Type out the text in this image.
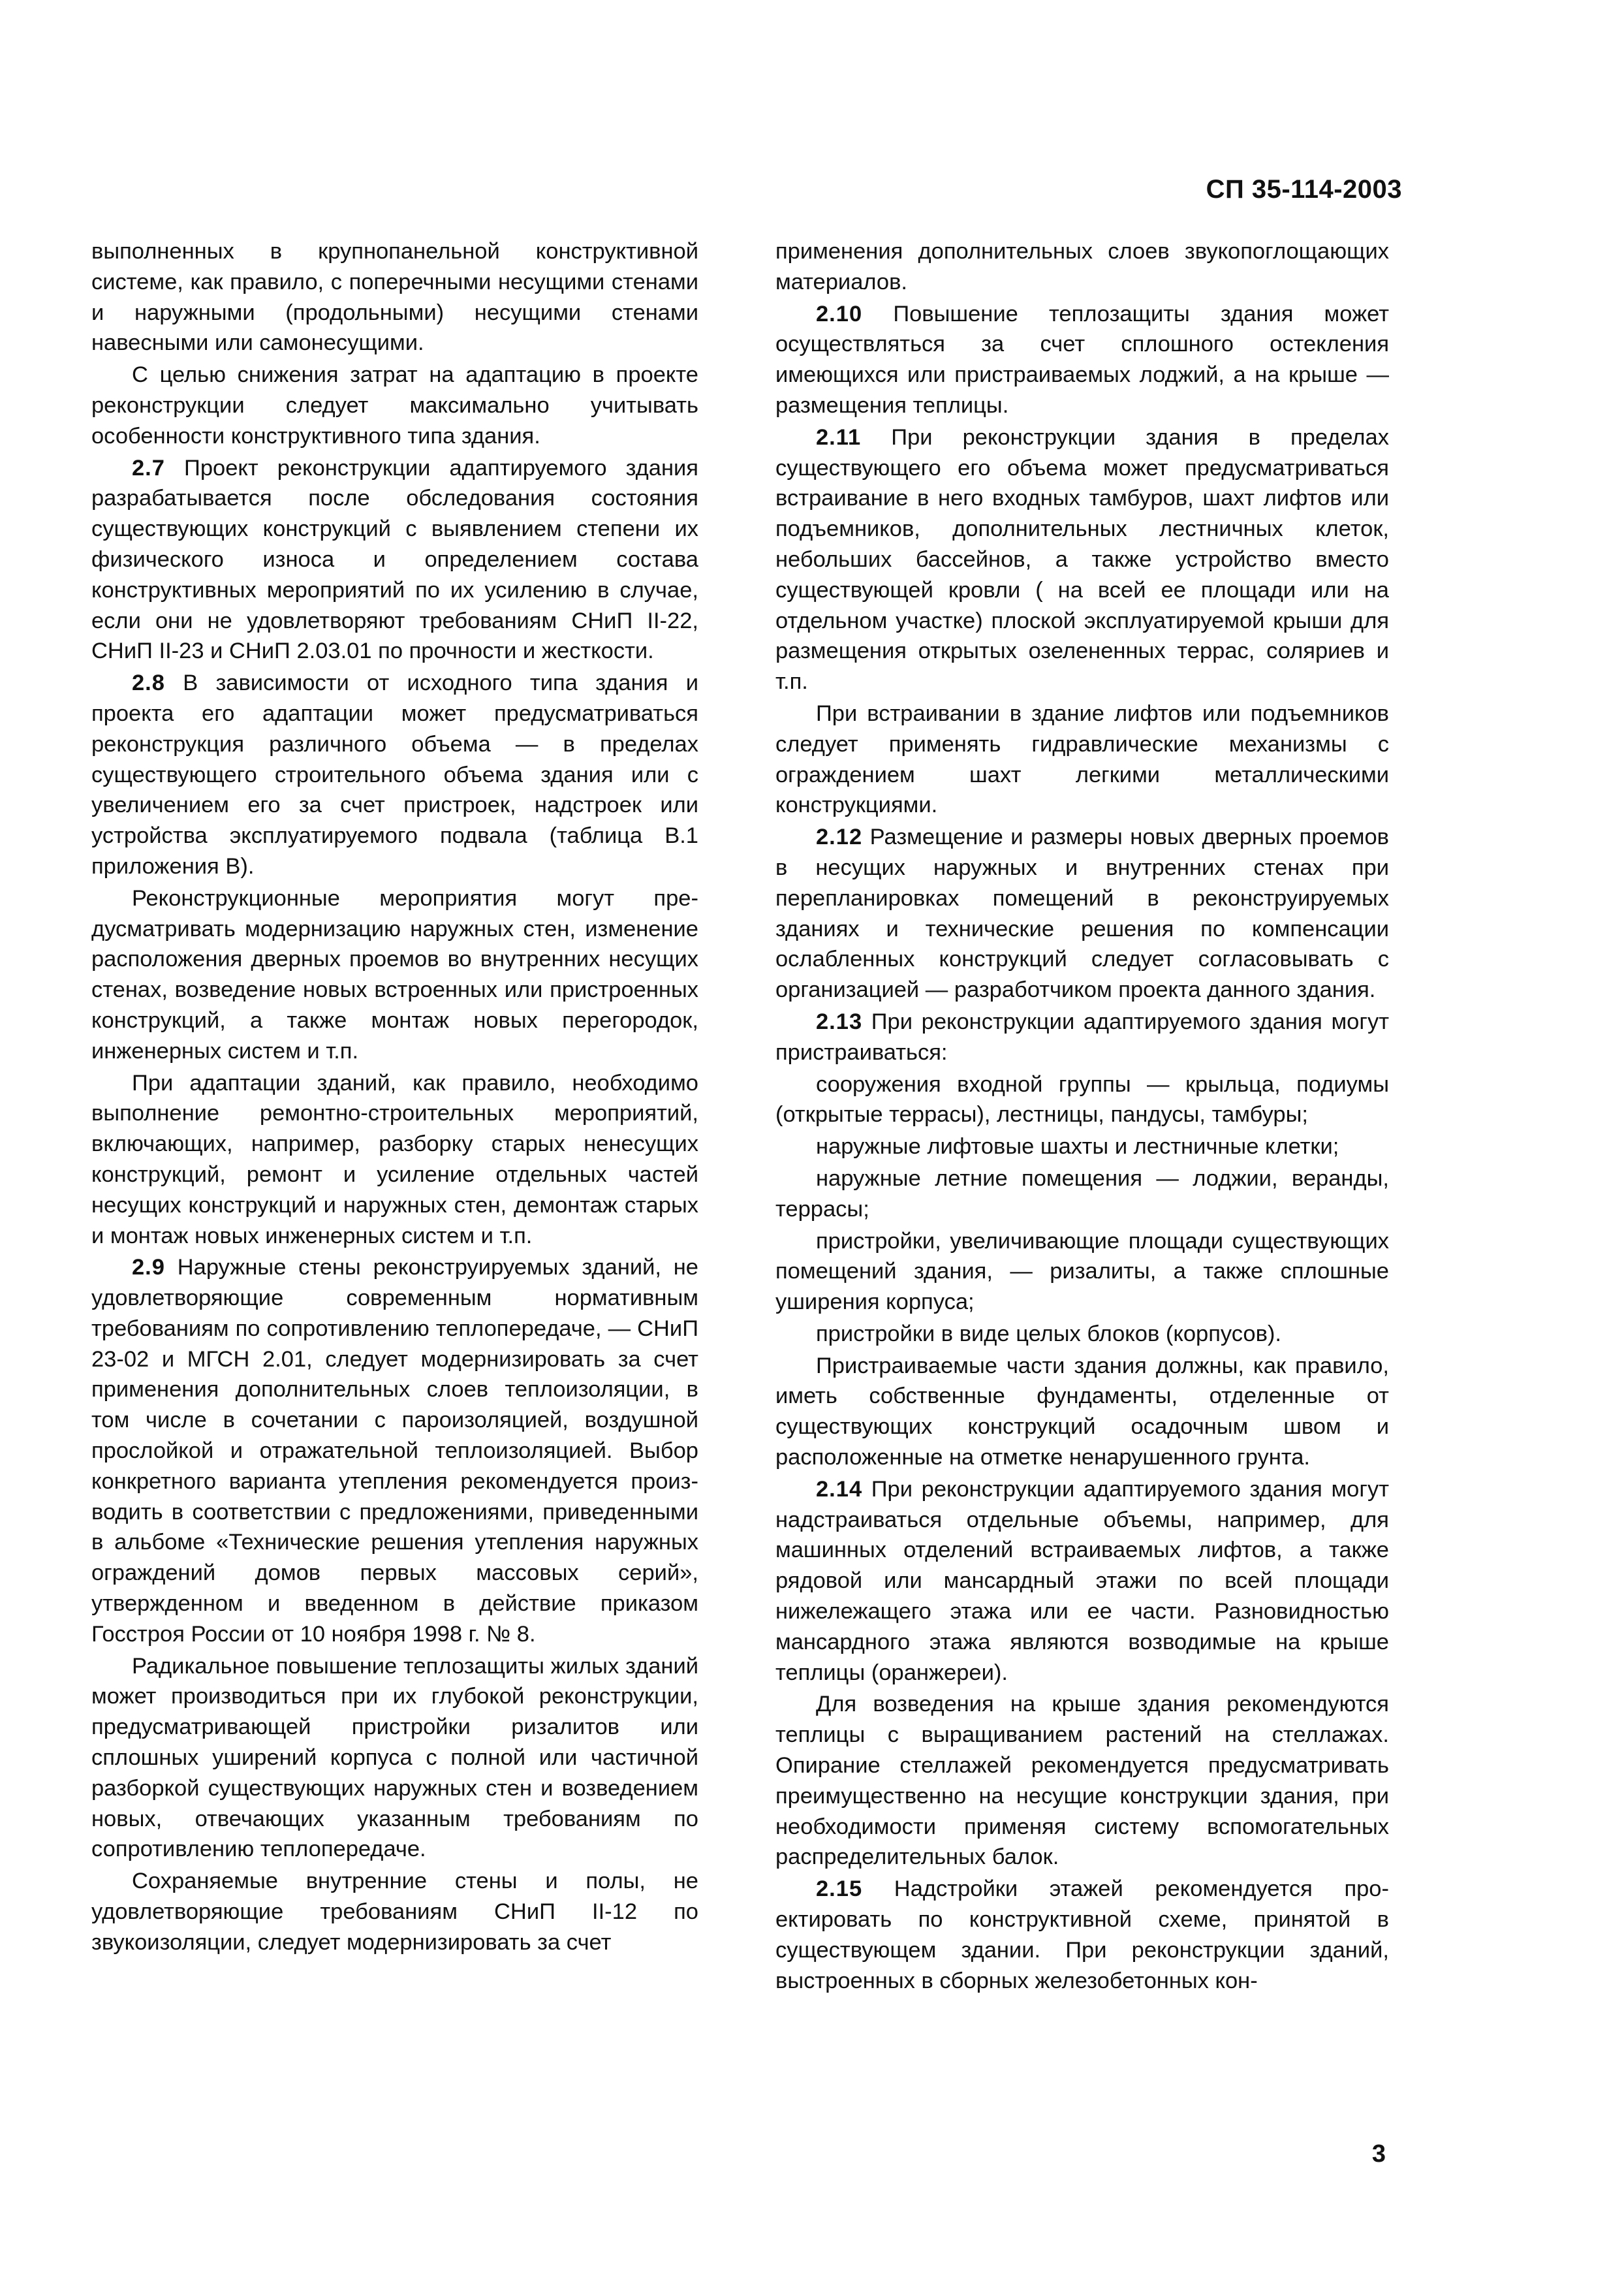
СП 35-114-2003

выполненных в крупнопанельной конструктивной системе, как правило, с поперечными несущими стенами и наружными (продольными) несущими стенами навесными или самонесущими.

С целью снижения затрат на адаптацию в проекте реконструкции следует максимально учитывать особенности конструктивного типа здания.

2.7 Проект реконструкции адаптируемого здания разрабатывается после обследования состояния существующих конструкций с выявлением степени их физического износа и определением состава конструктивных мероприятий по их усилению в случае, если они не удовлетворяют требованиям СНиП II-22, СНиП II-23 и СНиП 2.03.01 по прочности и жесткости.

2.8 В зависимости от исходного типа здания и проекта его адаптации может предусматриваться реконструкция различного объема — в пределах существующего строительного объема здания или с увеличением его за счет пристроек, надстроек или устройства эксплуатируемого подвала (таблица В.1 приложения В).

Реконструкционные мероприятия могут предусматривать модернизацию наружных стен, изменение расположения дверных проемов во внутренних несущих стенах, возведение новых встроенных или пристроенных конструкций, а также монтаж новых перегородок, инженерных систем и т.п.

При адаптации зданий, как правило, необходимо выполнение ремонтно-строительных мероприятий, включающих, например, разборку старых ненесущих конструкций, ремонт и усиление отдельных частей несущих конструкций и наружных стен, демонтаж старых и монтаж новых инженерных систем и т.п.

2.9 Наружные стены реконструируемых зданий, не удовлетворяющие современным нормативным требованиям по сопротивлению теплопередаче, — СНиП 23-02 и МГСН 2.01, следует модернизировать за счет применения дополнительных слоев теплоизоляции, в том числе в сочетании с пароизоляцией, воздушной прослойкой и отражательной теплоизоляцией. Выбор конкретного варианта утепления рекомендуется производить в соответствии с предложениями, приведенными в альбоме «Технические решения утепления наружных ограждений домов первых массовых серий», утвержденном и введенном в действие приказом Госстроя России от 10 ноября 1998 г. № 8.

Радикальное повышение теплозащиты жилых зданий может производиться при их глубокой реконструкции, предусматривающей пристройки ризалитов или сплошных уширений корпуса с полной или частичной разборкой существующих наружных стен и возведением новых, отвечающих указанным требованиям по сопротивлению теплопередаче.

Сохраняемые внутренние стены и полы, не удовлетворяющие требованиям СНиП II-12 по звукоизоляции, следует модернизировать за счет

применения дополнительных слоев звукопоглощающих материалов.

2.10 Повышение теплозащиты здания может осуществляться за счет сплошного остекления имеющихся или пристраиваемых лоджий, а на крыше — размещения теплицы.

2.11 При реконструкции здания в пределах существующего его объема может предусматриваться встраивание в него входных тамбуров, шахт лифтов или подъемников, дополнительных лестничных клеток, небольших бассейнов, а также устройство вместо существующей кровли ( на всей ее площади или на отдельном участке) плоской эксплуатируемой крыши для размещения открытых озелененных террас, соляриев и т.п.

При встраивании в здание лифтов или подъемников следует применять гидравлические механизмы с ограждением шахт легкими металлическими конструкциями.

2.12 Размещение и размеры новых дверных проемов в несущих наружных и внутренних стенах при перепланировках помещений в реконструируемых зданиях и технические решения по компенсации ослабленных конструкций следует согласовывать с организацией — разработчиком проекта данного здания.

2.13 При реконструкции адаптируемого здания могут пристраиваться:

сооружения входной группы — крыльца, подиумы (открытые террасы), лестницы, пандусы, тамбуры;

наружные лифтовые шахты и лестничные клетки;

наружные летние помещения — лоджии, веранды, террасы;

пристройки, увеличивающие площади существующих помещений здания, — ризалиты, а также сплошные уширения корпуса;

пристройки в виде целых блоков (корпусов).

Пристраиваемые части здания должны, как правило, иметь собственные фундаменты, отделенные от существующих конструкций осадочным швом и расположенные на отметке ненарушенного грунта.

2.14 При реконструкции адаптируемого здания могут надстраиваться отдельные объемы, например, для машинных отделений встраиваемых лифтов, а также рядовой или мансардный этажи по всей площади нижележащего этажа или ее части. Разновидностью мансардного этажа являются возводимые на крыше теплицы (оранжереи).

Для возведения на крыше здания рекомендуются теплицы с выращиванием растений на стеллажах. Опирание стеллажей рекомендуется предусматривать преимущественно на несущие конструкции здания, при необходимости применяя систему вспомогательных распределительных балок.

2.15 Надстройки этажей рекомендуется проектировать по конструктивной схеме, принятой в существующем здании. При реконструкции зданий, выстроенных в сборных железобетонных кон-

3
